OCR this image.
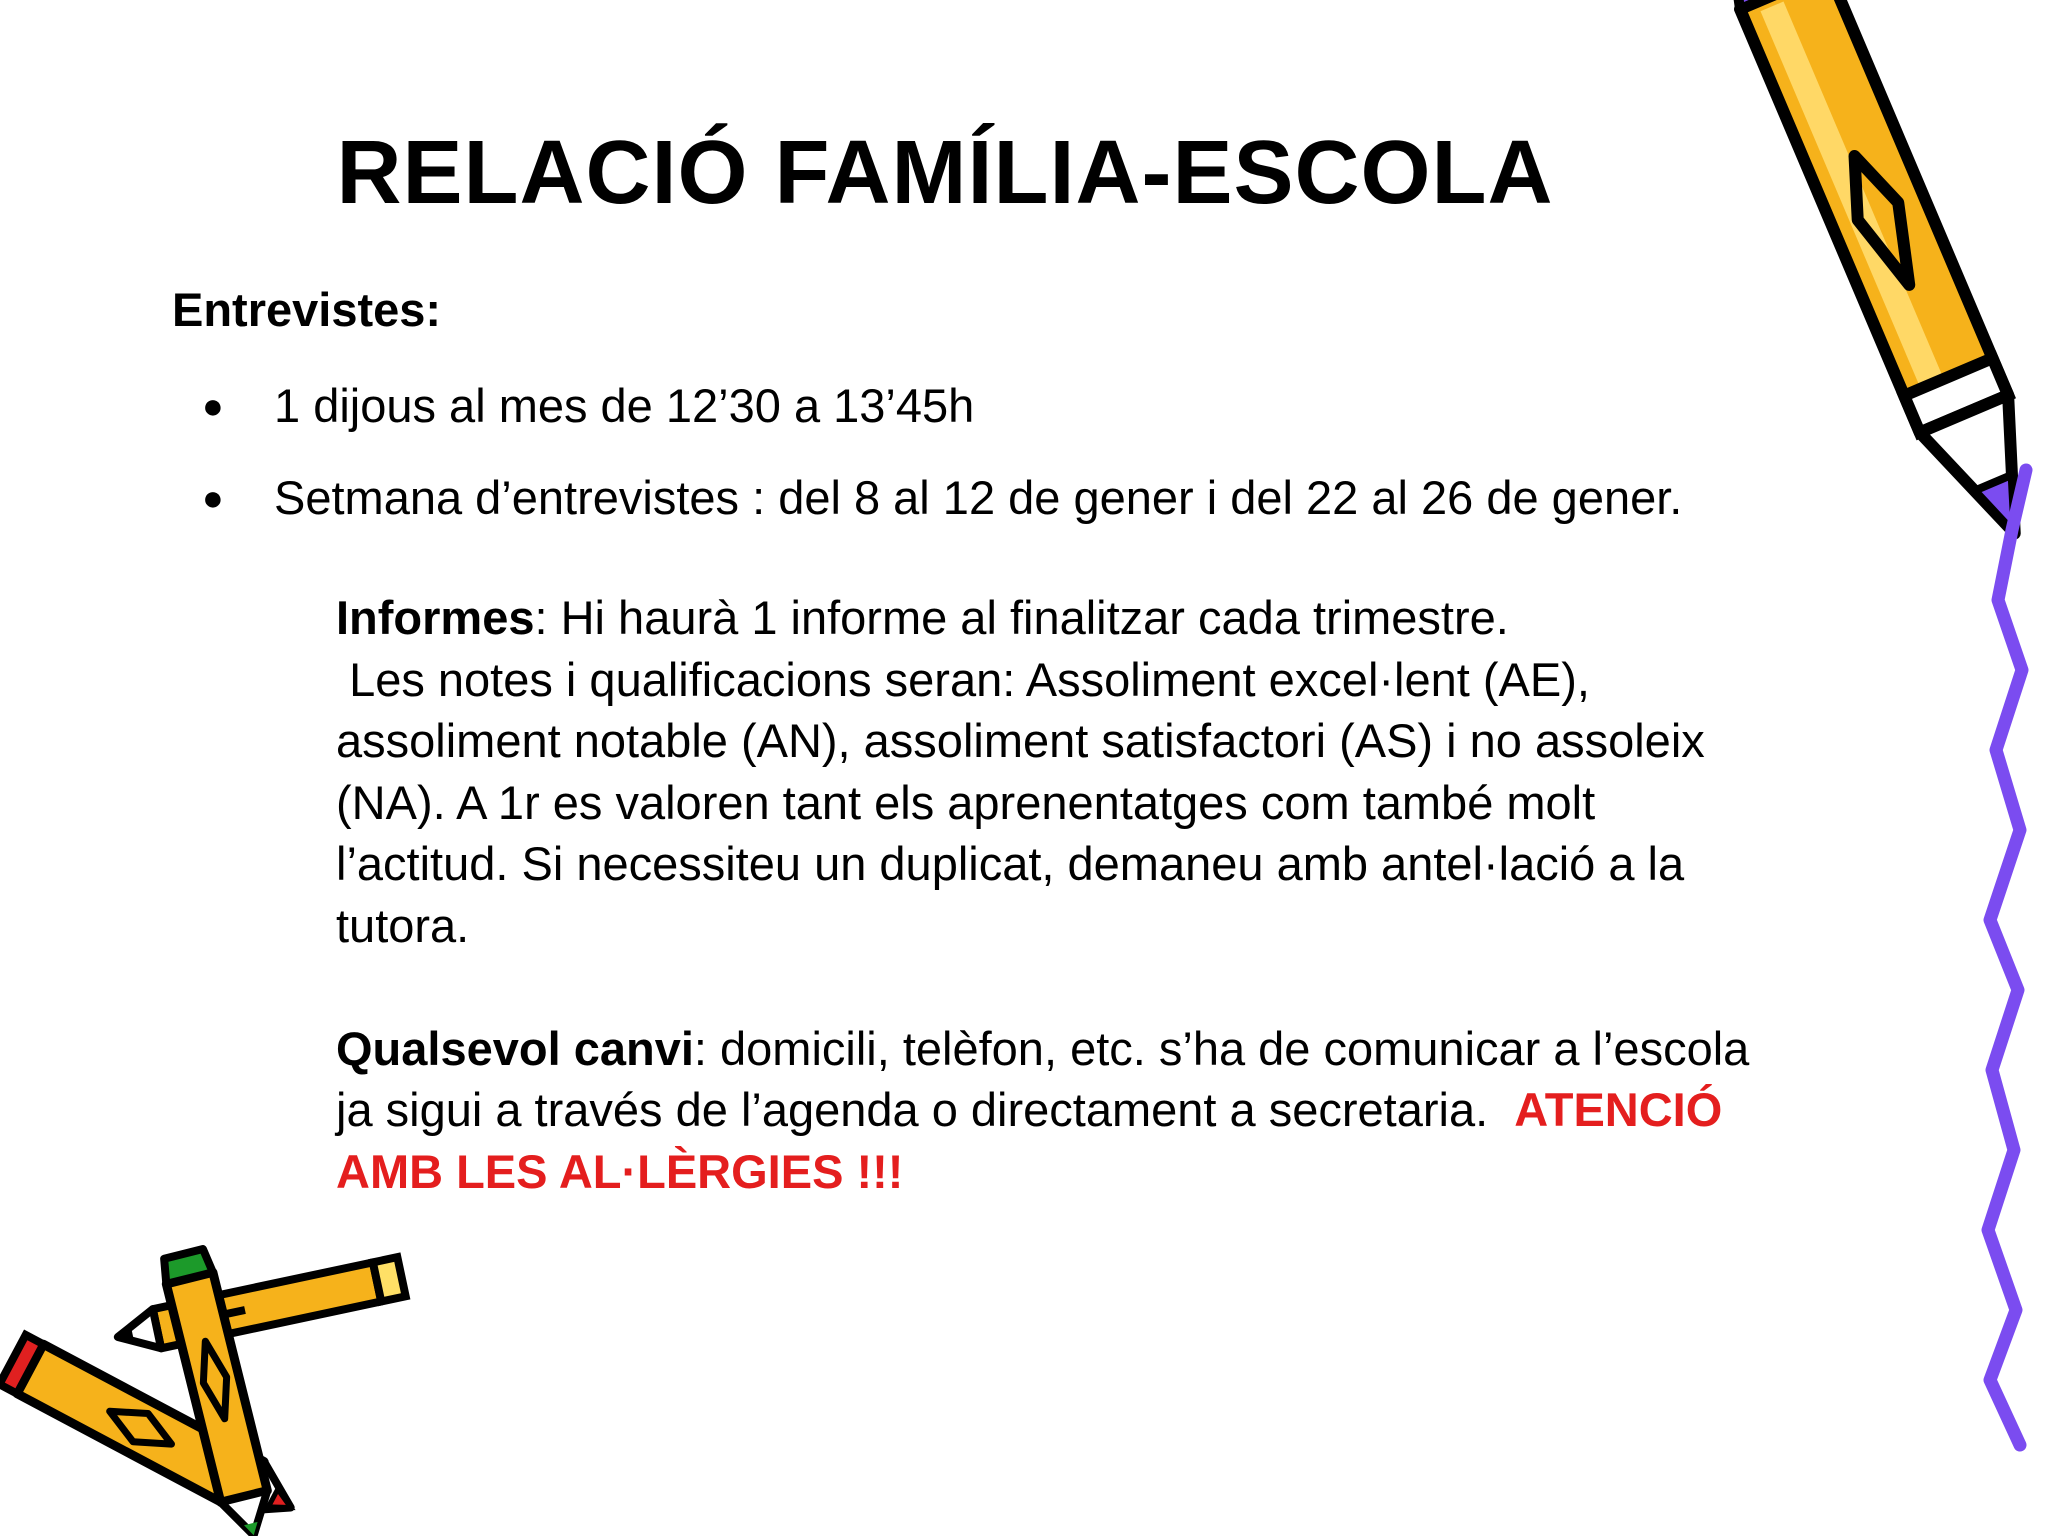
RELACIÓ FAMÍLIA-ESCOLA
Entrevistes:
● 1 dijous al mes de 12’30 a 13’45h
● Setmana d’entrevistes : del 8 al 12 de gener i del 22 al 26 de gener.

Informes: Hi haurà 1 informe al finalitzar cada trimestre.

Les notes i qualificacions seran: Assoliment excel·lent (AE), assoliment notable (AN), assoliment satisfactori (AS) i no assoleix (NA). A 1r es valoren tant els aprenentatges com també molt l’actitud. Si necessiteu un duplicat, demaneu amb antel·lació a la tutora.

Qualsevol canvi: domicili, telèfon, etc. s’ha de comunicar a l’escola ja sigui a través de l’agenda o directament a secretaria. ATENCIÓ AMB LES AL·LÈRGIES !!!
